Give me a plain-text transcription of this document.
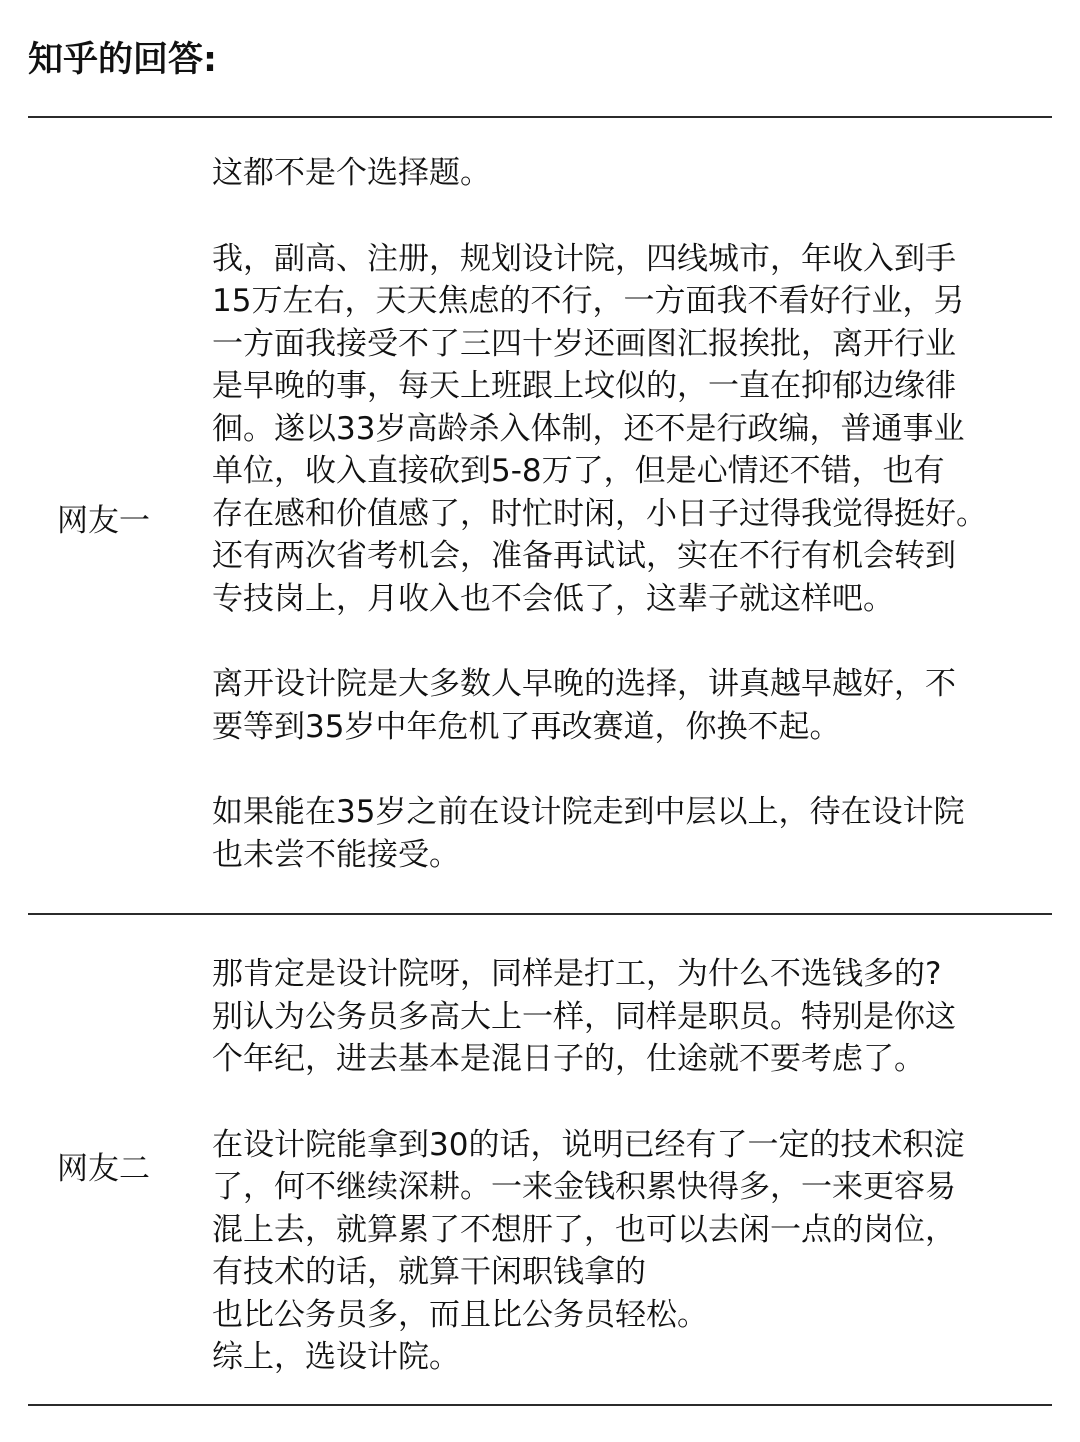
知乎的回答:
网友一
这都不是个选择题。
我，副高、注册，规划设计院，四线城市，年收入到手
15万左右，天天焦虑的不行，一方面我不看好行业，另
一方面我接受不了三四十岁还画图汇报挨批，离开行业
是早晚的事，每天上班跟上坟似的，一直在抑郁边缘徘
徊。遂以33岁高龄杀入体制，还不是行政编，普通事业
单位，收入直接砍到5-8万了，但是心情还不错，也有
存在感和价值感了，时忙时闲，小日子过得我觉得挺好。
还有两次省考机会，准备再试试，实在不行有机会转到
专技岗上，月收入也不会低了，这辈子就这样吧。
离开设计院是大多数人早晚的选择，讲真越早越好，不
要等到35岁中年危机了再改赛道，你换不起。
如果能在35岁之前在设计院走到中层以上，待在设计院
也未尝不能接受。
网友二
那肯定是设计院呀，同样是打工，为什么不选钱多的?
别认为公务员多高大上一样，同样是职员。特别是你这
个年纪，进去基本是混日子的，仕途就不要考虑了。
在设计院能拿到30的话，说明已经有了一定的技术积淀
了，何不继续深耕。一来金钱积累快得多，一来更容易
混上去，就算累了不想肝了，也可以去闲一点的岗位，
有技术的话，就算干闲职钱拿的
也比公务员多，而且比公务员轻松。
综上，选设计院。
